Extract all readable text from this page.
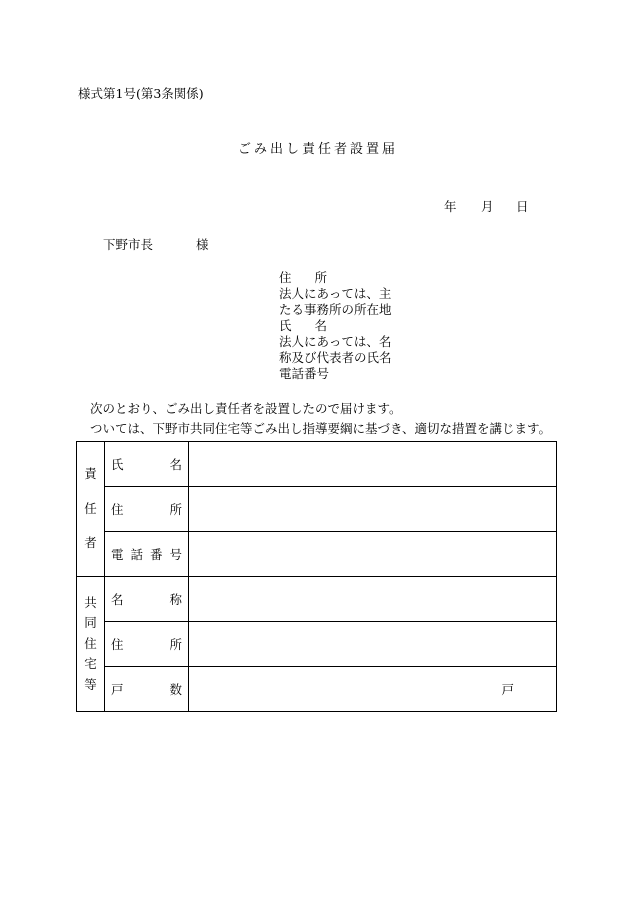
様式第1号(第3条関係)
ごみ出し責任者設置届
年 月 日
下野市長	様
住所
法人にあっては、主
たる事務所の所在地
氏名
法人にあっては、名
称及び代表者の氏名
電話番号
次のとおり、ごみ出し責任者を設置したので届けます。
ついては、下野市共同住宅等ごみ出し指導要綱に基づき、適切な措置を講じます。
責
任
者	氏名	

	住所	

	電話番号	

共
同
住
宅
等	名称	

	住所	

	戸数	戸
